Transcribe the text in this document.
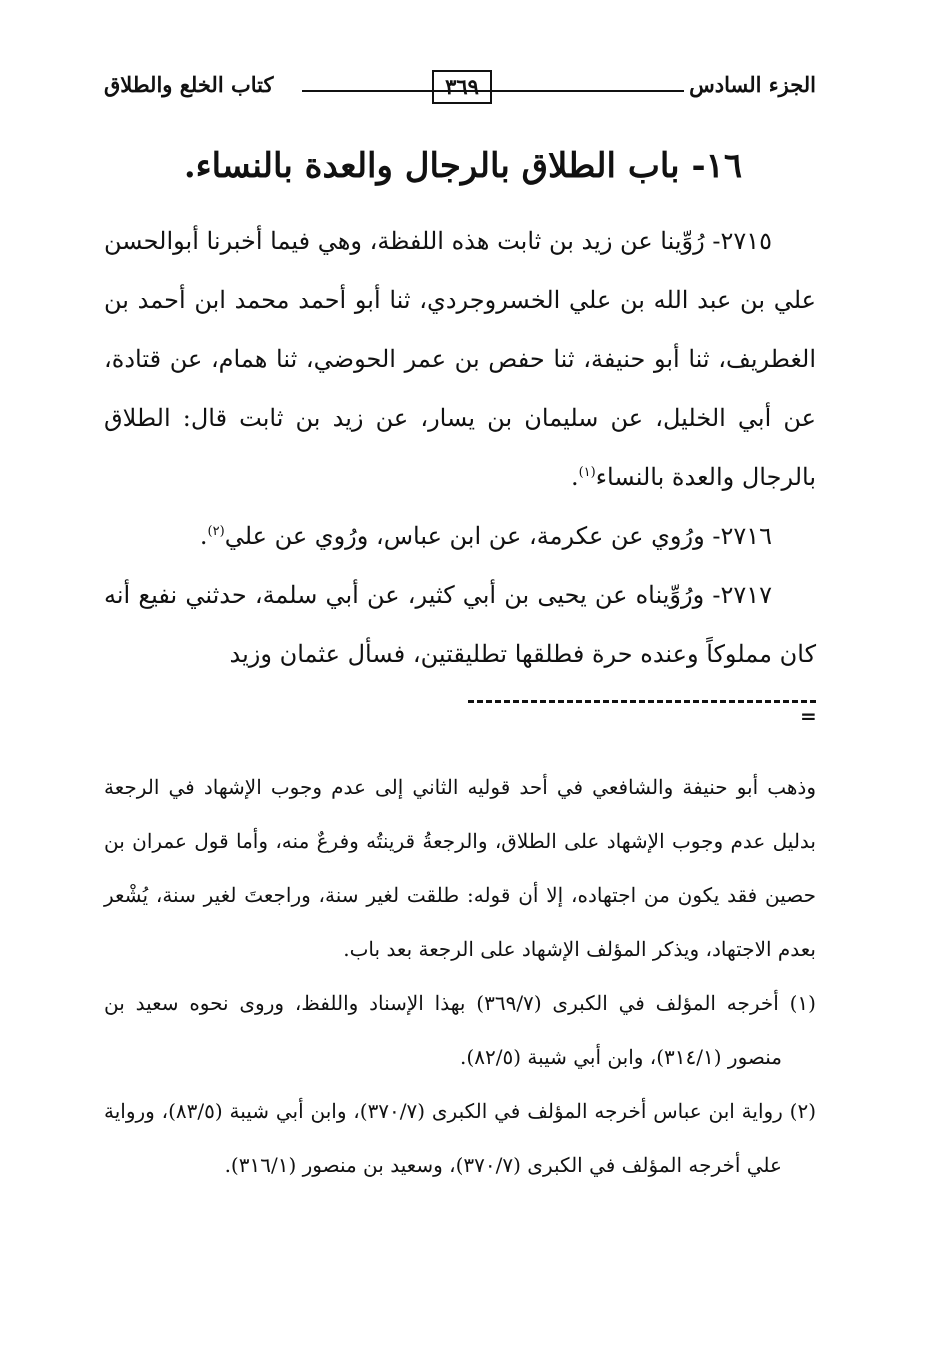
الجزء السادس
٣٦٩
كتاب الخلع والطلاق
١٦- باب الطلاق بالرجال والعدة بالنساء.

٢٧١٥- رُوِّينا عن زيد بن ثابت هذه اللفظة، وهي فيما أخبرنا أبوالحسن علي بن عبد الله بن علي الخسروجردي، ثنا أبو أحمد محمد ابن أحمد بن الغطريف، ثنا أبو حنيفة، ثنا حفص بن عمر الحوضي، ثنا همام، عن قتادة، عن أبي الخليل، عن سليمان بن يسار، عن زيد بن ثابت قال: الطلاق بالرجال والعدة بالنساء$^{(١)}$.

٢٧١٦- ورُوي عن عكرمة، عن ابن عباس، ورُوي عن علي$^{(٢)}$.

٢٧١٧- ورُوِّيناه عن يحيى بن أبي كثير، عن أبي سلمة، حدثني نفيع أنه كان مملوكاً وعنده حرة فطلقها تطليقتين، فسأل عثمان وزيد

=

وذهب أبو حنيفة والشافعي في أحد قوليه الثاني إلى عدم وجوب الإشهاد في الرجعة بدليل عدم وجوب الإشهاد على الطلاق، والرجعةُ قرينتُه وفرعٌ منه، وأما قول عمران بن حصين فقد يكون من اجتهاده، إلا أن قوله: طلقت لغير سنة، وراجعتَ لغير سنة، يُشْعر بعدم الاجتهاد، ويذكر المؤلف الإشهاد على الرجعة بعد باب.

(١) أخرجه المؤلف في الكبرى (٣٦٩/٧) بهذا الإسناد واللفظ، وروى نحوه سعيد بن منصور (٣١٤/١)، وابن أبي شيبة (٨٢/٥).

(٢) رواية ابن عباس أخرجه المؤلف في الكبرى (٣٧٠/٧)، وابن أبي شيبة (٨٣/٥)، ورواية علي أخرجه المؤلف في الكبرى (٣٧٠/٧)، وسعيد بن منصور (٣١٦/١).
